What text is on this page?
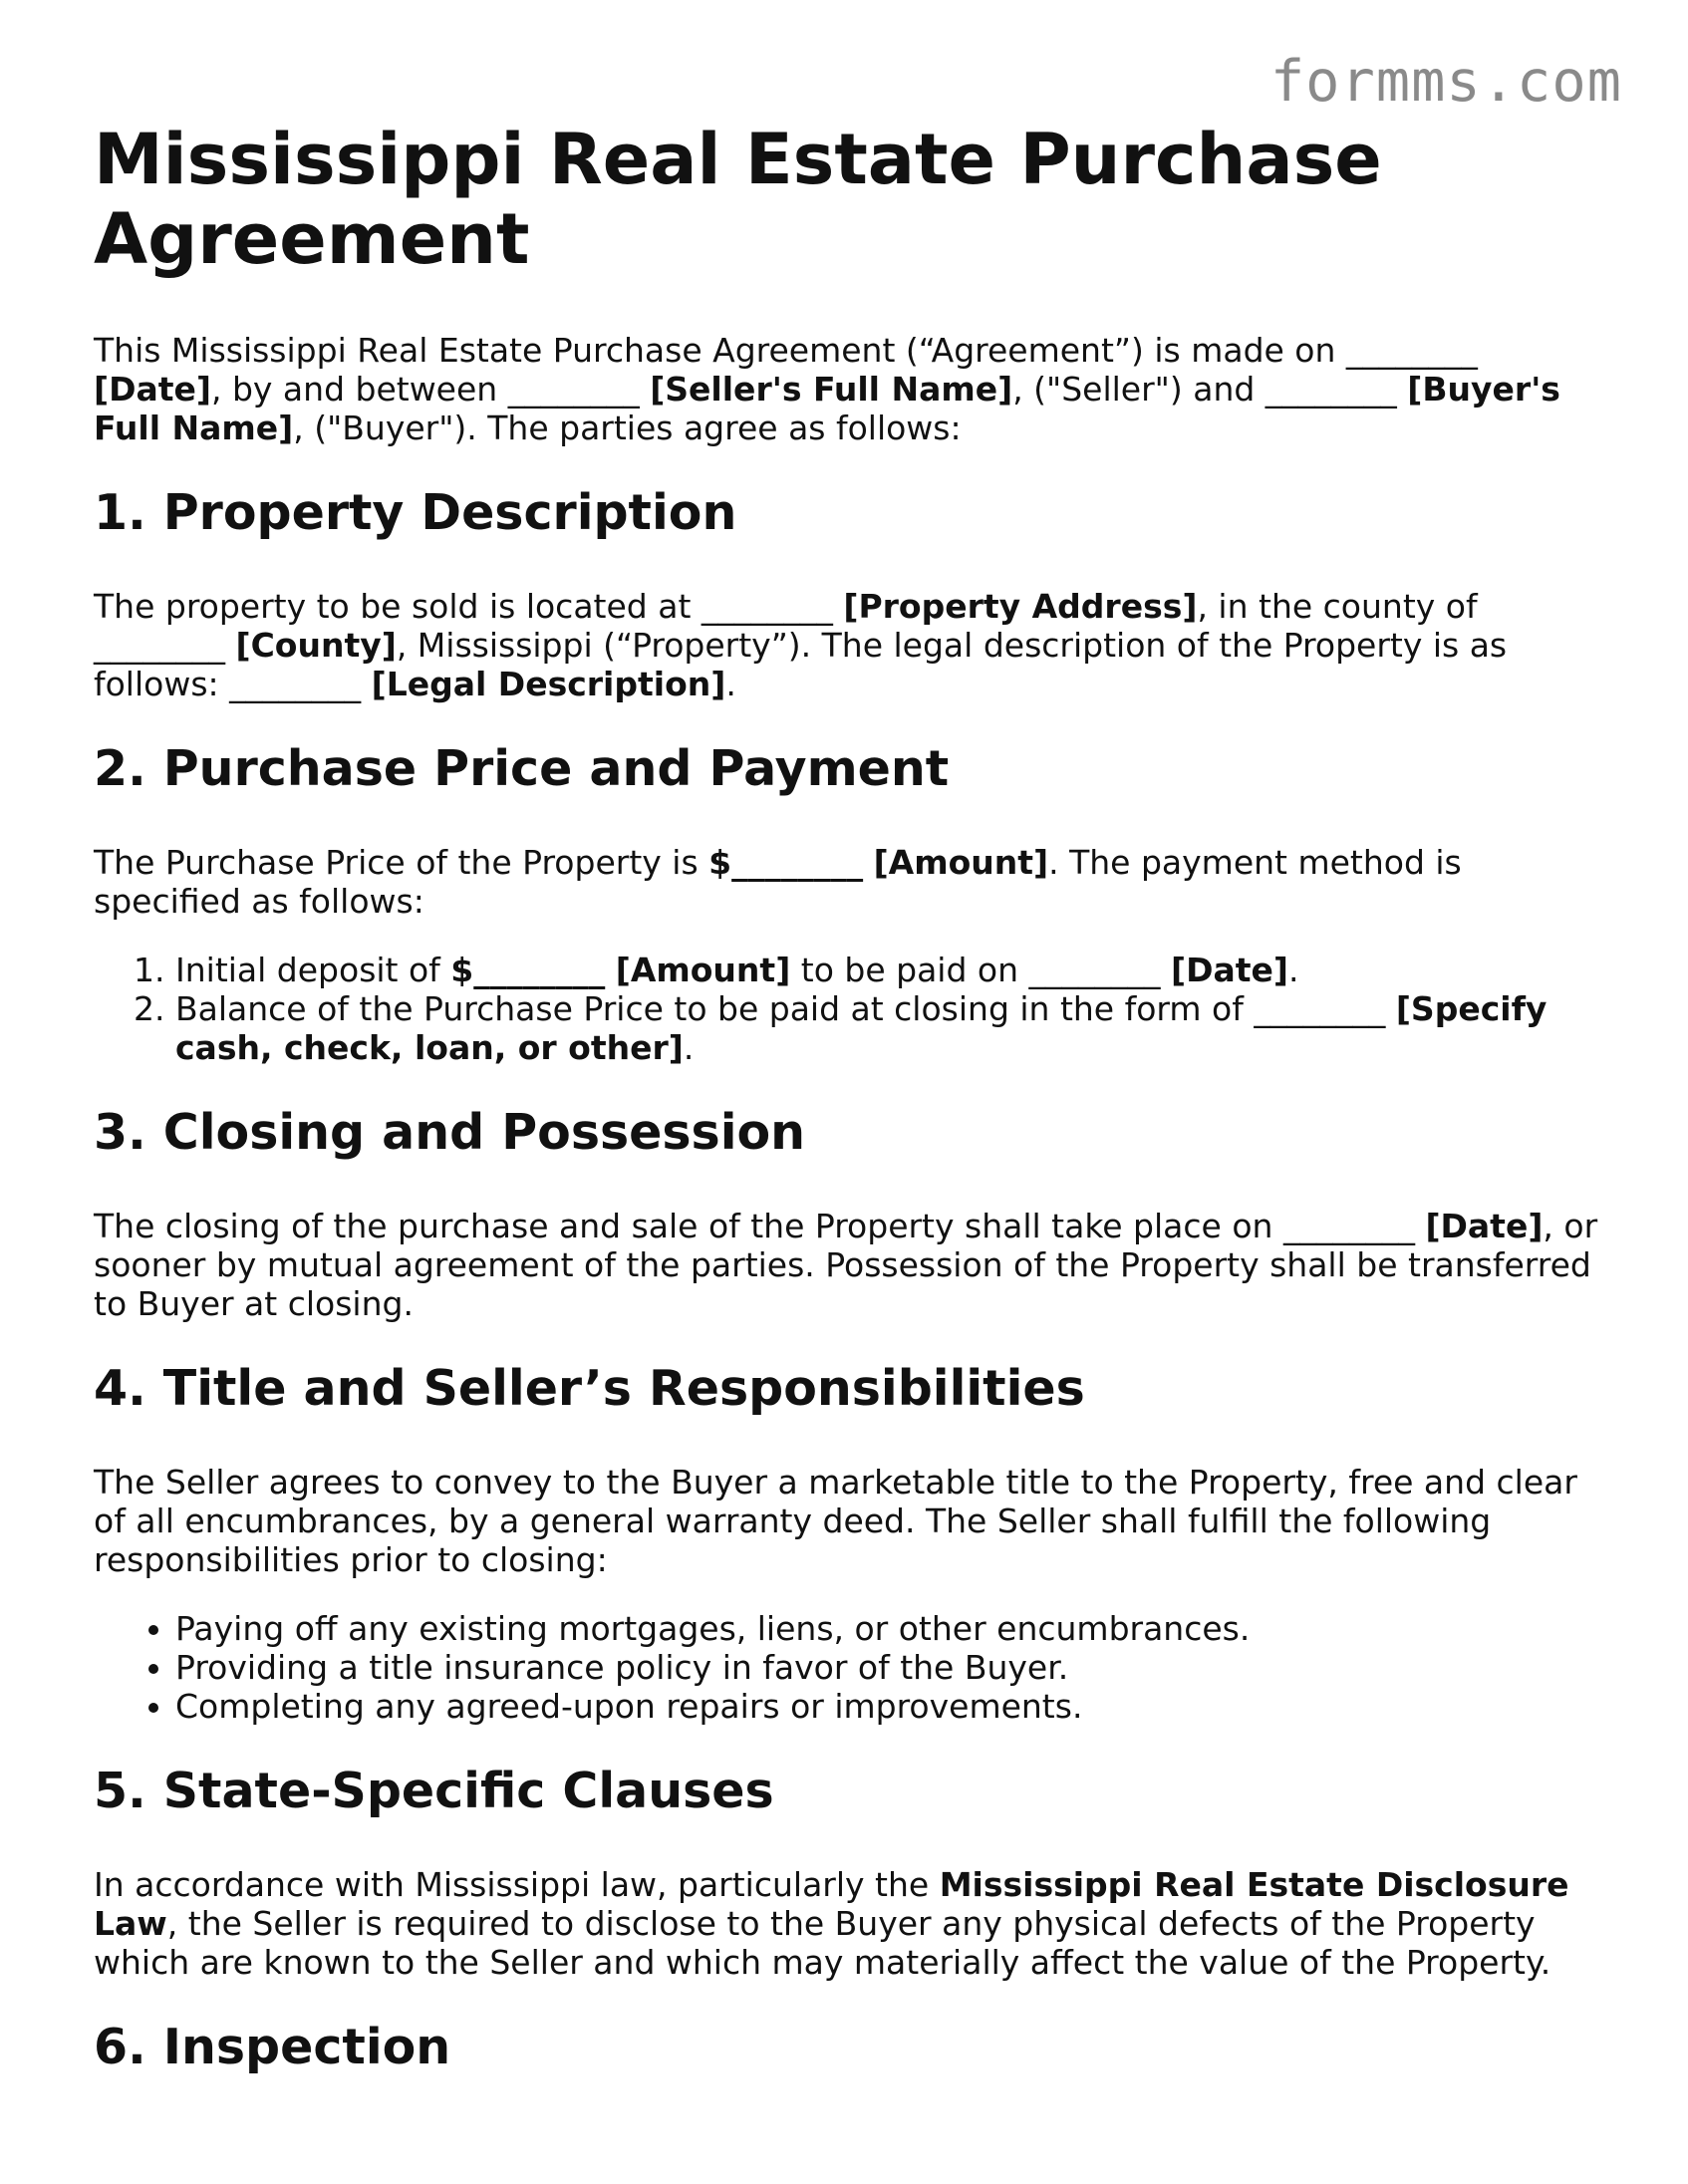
formms.com
Mississippi Real Estate Purchase Agreement

This Mississippi Real Estate Purchase Agreement (“Agreement”) is made on ________ [Date], by and between ________ [Seller's Full Name], ("Seller") and ________ [Buyer's Full Name], ("Buyer"). The parties agree as follows:

1. Property Description

The property to be sold is located at ________ [Property Address], in the county of ________ [County], Mississippi (“Property”). The legal description of the Property is as follows: ________ [Legal Description].

2. Purchase Price and Payment

The Purchase Price of the Property is $________ [Amount]. The payment method is specified as follows:

1. Initial deposit of $________ [Amount] to be paid on ________ [Date].
2. Balance of the Purchase Price to be paid at closing in the form of ________ [Specify cash, check, loan, or other].
3. Closing and Possession

The closing of the purchase and sale of the Property shall take place on ________ [Date], or sooner by mutual agreement of the parties. Possession of the Property shall be transferred to Buyer at closing.

4. Title and Seller’s Responsibilities

The Seller agrees to convey to the Buyer a marketable title to the Property, free and clear of all encumbrances, by a general warranty deed. The Seller shall fulfill the following responsibilities prior to closing:

• Paying off any existing mortgages, liens, or other encumbrances.
• Providing a title insurance policy in favor of the Buyer.
• Completing any agreed-upon repairs or improvements.
5. State-Specific Clauses

In accordance with Mississippi law, particularly the Mississippi Real Estate Disclosure Law, the Seller is required to disclose to the Buyer any physical defects of the Property which are known to the Seller and which may materially affect the value of the Property.

6. Inspection
